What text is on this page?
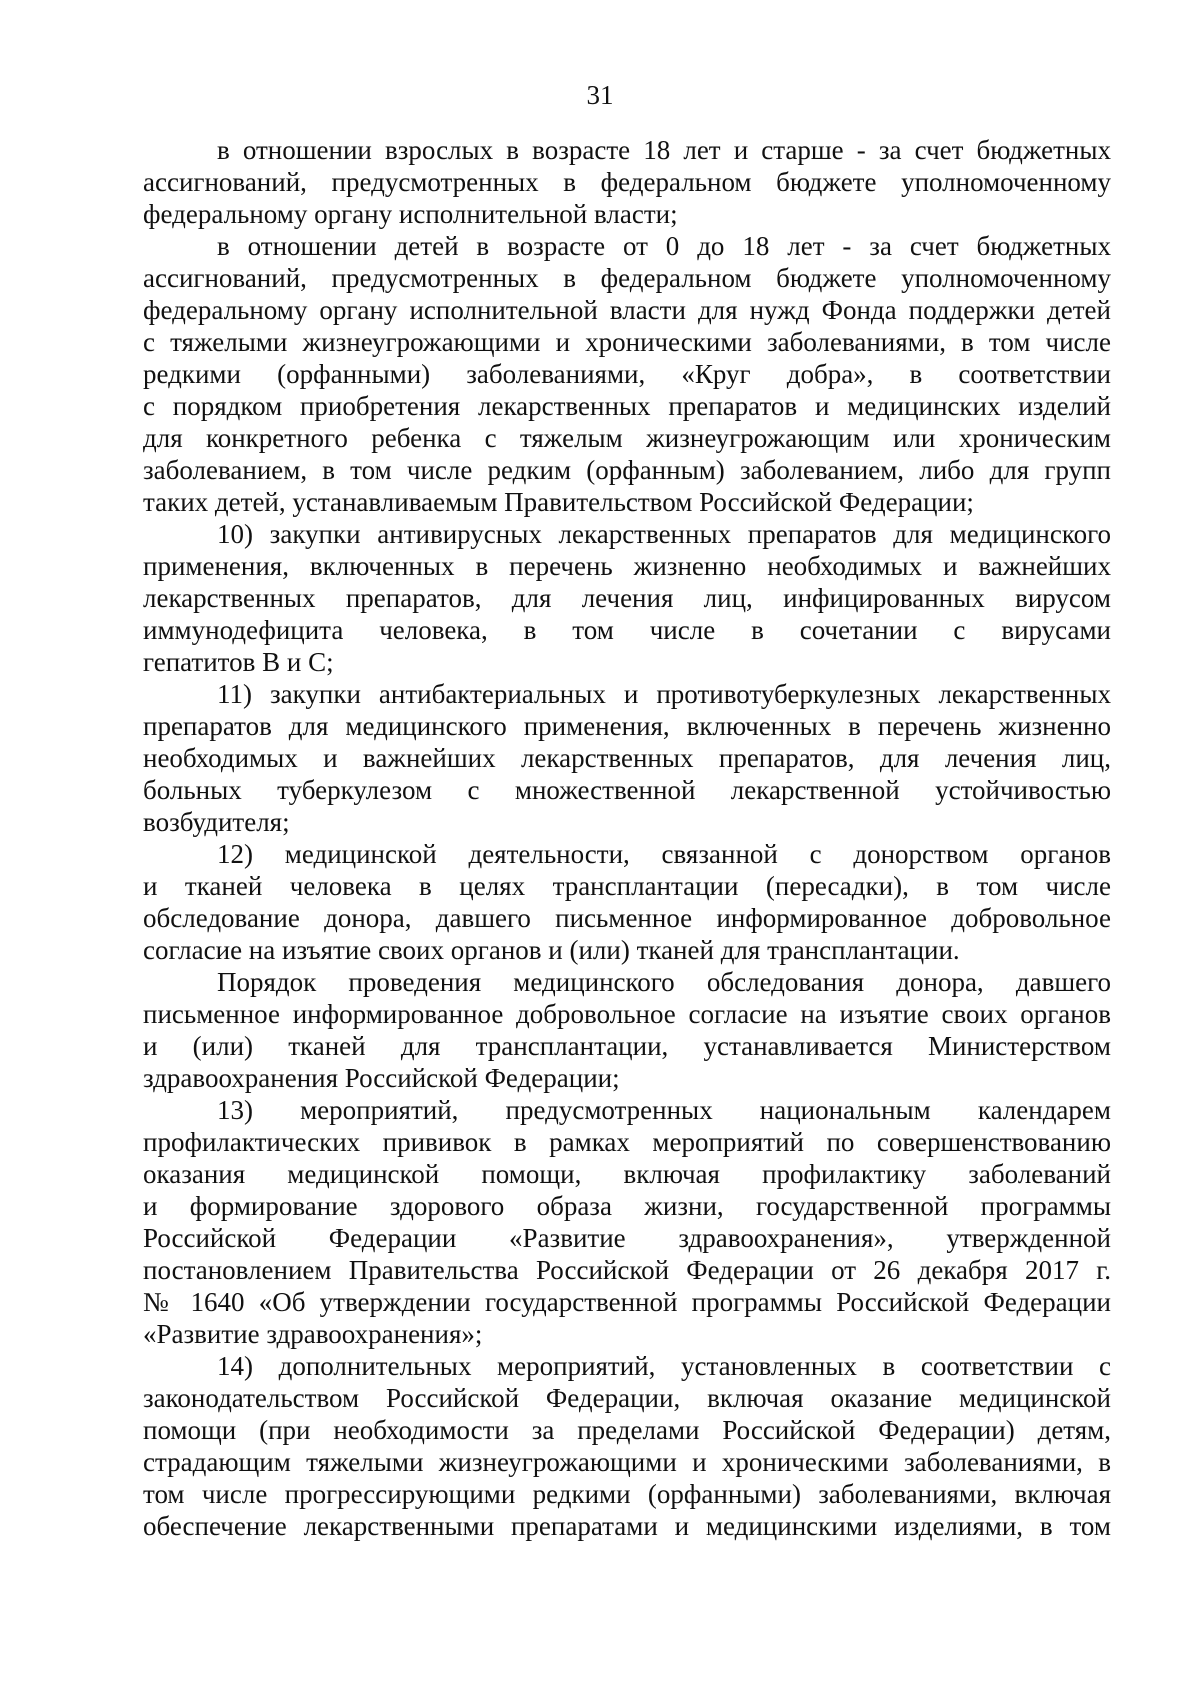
31
в отношении взрослых в возрасте 18 лет и старше - за счет бюджетных
ассигнований, предусмотренных в федеральном бюджете уполномоченному
федеральному органу исполнительной власти;
в отношении детей в возрасте от 0 до 18 лет - за счет бюджетных
ассигнований, предусмотренных в федеральном бюджете уполномоченному
федеральному органу исполнительной власти для нужд Фонда поддержки детей
с тяжелыми жизнеугрожающими и хроническими заболеваниями, в том числе
редкими (орфанными) заболеваниями, «Круг добра», в соответствии
с порядком приобретения лекарственных препаратов и медицинских изделий
для конкретного ребенка с тяжелым жизнеугрожающим или хроническим
заболеванием, в том числе редким (орфанным) заболеванием, либо для групп
таких детей, устанавливаемым Правительством Российской Федерации;
10) закупки антивирусных лекарственных препаратов для медицинского
применения, включенных в перечень жизненно необходимых и важнейших
лекарственных препаратов, для лечения лиц, инфицированных вирусом
иммунодефицита человека, в том числе в сочетании с вирусами
гепатитов B и C;
11) закупки антибактериальных и противотуберкулезных лекарственных
препаратов для медицинского применения, включенных в перечень жизненно
необходимых и важнейших лекарственных препаратов, для лечения лиц,
больных туберкулезом с множественной лекарственной устойчивостью
возбудителя;
12) медицинской деятельности, связанной с донорством органов
и тканей человека в целях трансплантации (пересадки), в том числе
обследование донора, давшего письменное информированное добровольное
согласие на изъятие своих органов и (или) тканей для трансплантации.
Порядок проведения медицинского обследования донора, давшего
письменное информированное добровольное согласие на изъятие своих органов
и (или) тканей для трансплантации, устанавливается Министерством
здравоохранения Российской Федерации;
13) мероприятий, предусмотренных национальным календарем
профилактических прививок в рамках мероприятий по совершенствованию
оказания медицинской помощи, включая профилактику заболеваний
и формирование здорового образа жизни, государственной программы
Российской Федерации «Развитие здравоохранения», утвержденной
постановлением Правительства Российской Федерации от 26 декабря 2017 г.
№ 1640 «Об утверждении государственной программы Российской Федерации
«Развитие здравоохранения»;
14) дополнительных мероприятий, установленных в соответствии с
законодательством Российской Федерации, включая оказание медицинской
помощи (при необходимости за пределами Российской Федерации) детям,
страдающим тяжелыми жизнеугрожающими и хроническими заболеваниями, в
том числе прогрессирующими редкими (орфанными) заболеваниями, включая
обеспечение лекарственными препаратами и медицинскими изделиями, в том
